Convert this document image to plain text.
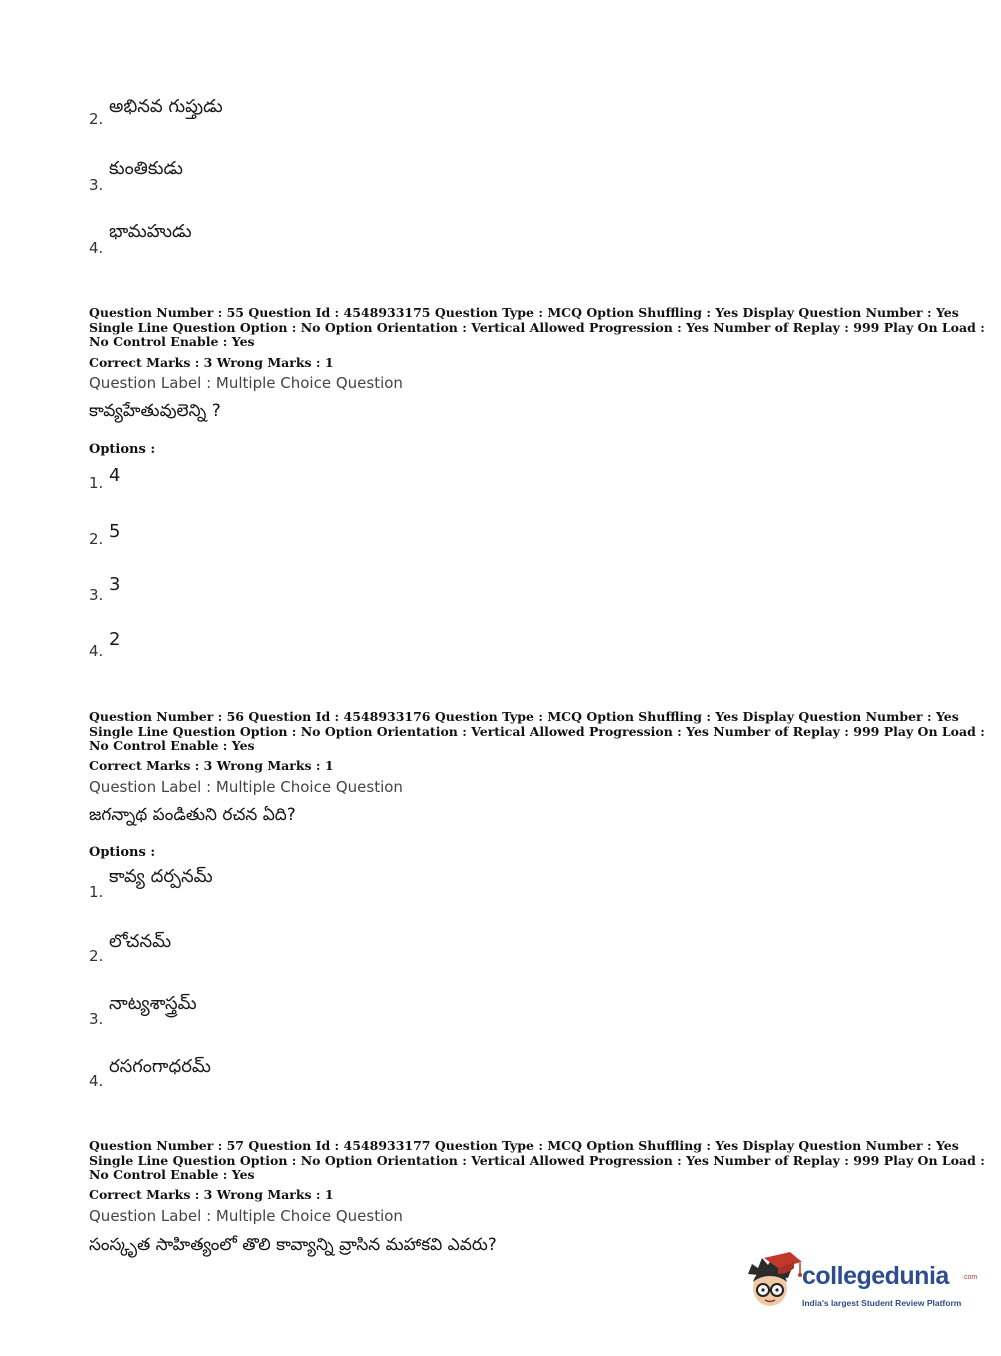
2.
అభినవ గుప్తుడు
3.
కుంతికుడు
4.
భామహుడు

Question Number : 55 Question Id : 4548933175 Question Type : MCQ Option Shuffling : Yes Display Question Number : Yes

Single Line Question Option : No Option Orientation : Vertical Allowed Progression : Yes Number of Replay : 999 Play On Load :

No Control Enable : Yes

Correct Marks : 3 Wrong Marks : 1
Question Label : Multiple Choice Question
కావ్యహేతువులెన్ని ?
Options :
1. 4
2. 5
3. 3
4.
2

Question Number : 56 Question Id : 4548933176 Question Type : MCQ Option Shuffling : Yes Display Question Number : Yes

Single Line Question Option : No Option Orientation : Vertical Allowed Progression : Yes Number of Replay : 999 Play On Load :

No Control Enable : Yes

Correct Marks : 3 Wrong Marks : 1
Question Label : Multiple Choice Question
జగన్నాథ పండితుని రచన ఏది?
Options :
1.
కావ్య దర్పనమ్
2.
లోచనమ్
3.
నాట్యశాస్త్రమ్
4.
రసగంగాధరమ్

Question Number : 57 Question Id : 4548933177 Question Type : MCQ Option Shuffling : Yes Display Question Number : Yes

Single Line Question Option : No Option Orientation : Vertical Allowed Progression : Yes Number of Replay : 999 Play On Load :

No Control Enable : Yes

Correct Marks : 3 Wrong Marks : 1
Question Label : Multiple Choice Question
సంస్కృత సాహిత్యంలో తొలి కావ్యాన్ని వ్రాసిన మహాకవి ఎవరు?
collegedunia .com
India's largest Student Review Platform
